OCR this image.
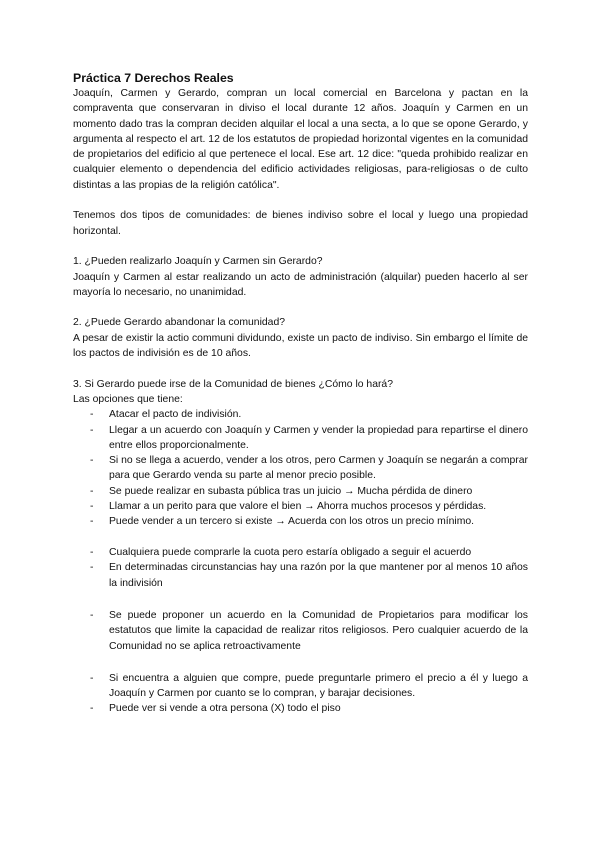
Práctica 7 Derechos Reales

Joaquín, Carmen y Gerardo, compran un local comercial en Barcelona y pactan en la compraventa que conservaran in diviso el local durante 12 años. Joaquín y Carmen en un momento dado tras la compran deciden alquilar el local a una secta, a lo que se opone Gerardo, y argumenta al respecto el art. 12 de los estatutos de propiedad horizontal vigentes en la comunidad de propietarios del edificio al que pertenece el local. Ese art. 12 dice: "queda prohibido realizar en cualquier elemento o dependencia del edificio actividades religiosas, para-religiosas o de culto distintas a las propias de la religión católica".

Tenemos dos tipos de comunidades: de bienes indiviso sobre el local y luego una propiedad horizontal.

1. ¿Pueden realizarlo Joaquín y Carmen sin Gerardo?

Joaquín y Carmen al estar realizando un acto de administración (alquilar) pueden hacerlo al ser mayoría lo necesario, no unanimidad.

2. ¿Puede Gerardo abandonar la comunidad?

A pesar de existir la actio communi dividundo, existe un pacto de indiviso. Sin embargo el límite de los pactos de indivisión es de 10 años.

3. Si Gerardo puede irse de la Comunidad de bienes ¿Cómo lo hará?

Las opciones que tiene:

- Atacar el pacto de indivisión.
- Llegar a un acuerdo con Joaquín y Carmen y vender la propiedad para repartirse el dinero entre ellos proporcionalmente.
- Si no se llega a acuerdo, vender a los otros, pero Carmen y Joaquín se negarán a comprar para que Gerardo venda su parte al menor precio posible.
- Se puede realizar en subasta pública tras un juicio → Mucha pérdida de dinero
- Llamar a un perito para que valore el bien → Ahorra muchos procesos y pérdidas.
- Puede vender a un tercero si existe → Acuerda con los otros un precio mínimo.
- Cualquiera puede comprarle la cuota pero estaría obligado a seguir el acuerdo
- En determinadas circunstancias hay una razón por la que mantener por al menos 10 años la indivisión
- Se puede proponer un acuerdo en la Comunidad de Propietarios para modificar los estatutos que limite la capacidad de realizar ritos religiosos. Pero cualquier acuerdo de la Comunidad no se aplica retroactivamente
- Si encuentra a alguien que compre, puede preguntarle primero el precio a él y luego a Joaquín y Carmen por cuanto se lo compran, y barajar decisiones.
- Puede ver si vende a otra persona (X) todo el piso
